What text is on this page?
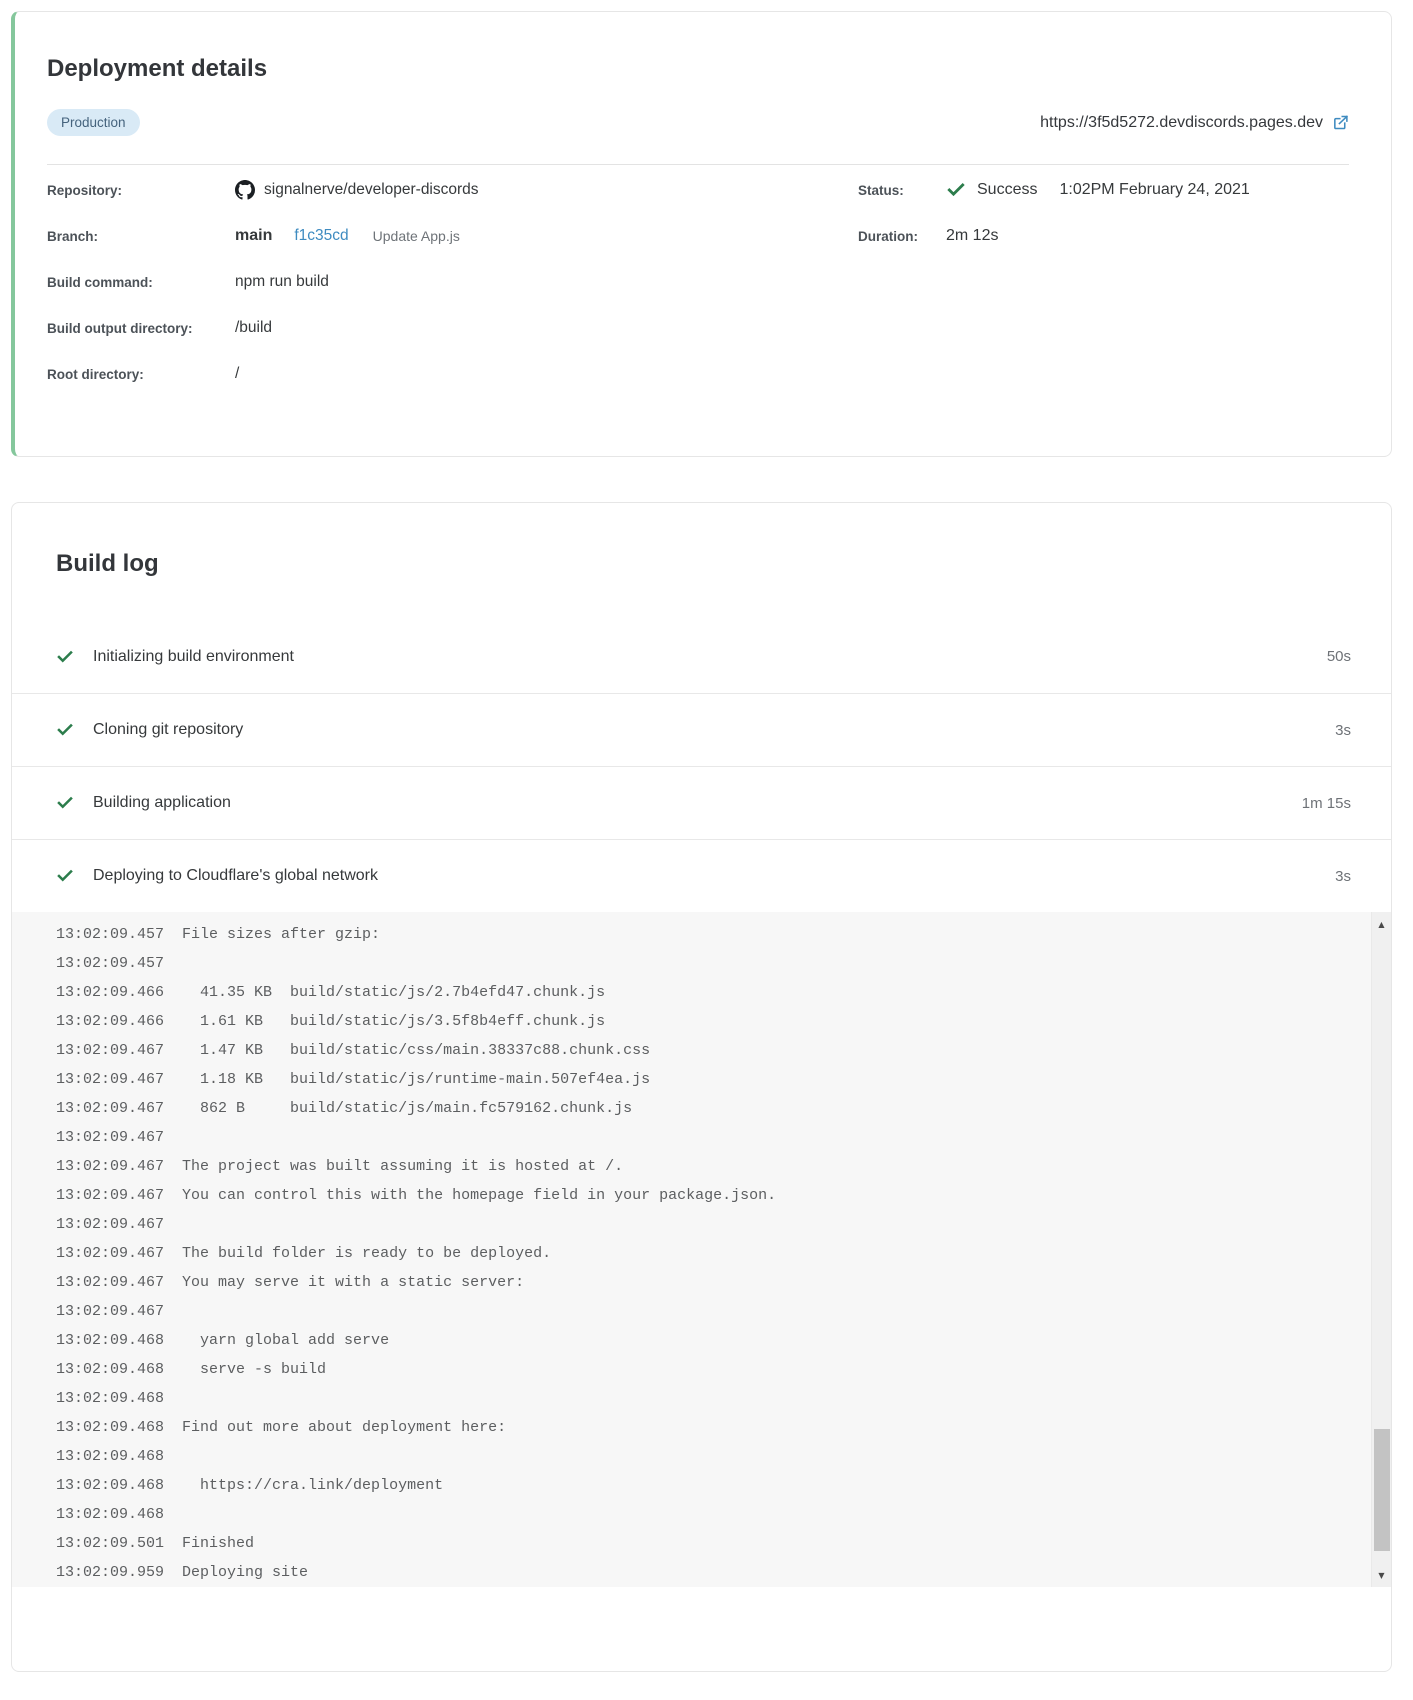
Deployment details
Production	https://3f5d5272.devdiscords.pages.dev
Repository:	signalnerve/developer-discords
Branch:	main f1c35cd Update App.js
Build command:	npm run build
Build output directory:	/build
Root directory:	/
Status:	Success 1:02PM February 24, 2021
Duration:	2m 12s
Build log
Initializing build environment	50s
Cloning git repository	3s
Building application	1m 15s
Deploying to Cloudflare's global network	3s
13:02:09.457 File sizes after gzip:
13:02:09.457
13:02:09.466  41.35 KB  build/static/js/2.7b4efd47.chunk.js
13:02:09.466  1.61 KB   build/static/js/3.5f8b4eff.chunk.js
13:02:09.467  1.47 KB   build/static/css/main.38337c88.chunk.css
13:02:09.467  1.18 KB   build/static/js/runtime-main.507ef4ea.js
13:02:09.467  862 B     build/static/js/main.fc579162.chunk.js
13:02:09.467
13:02:09.467 The project was built assuming it is hosted at /.
13:02:09.467 You can control this with the homepage field in your package.json.
13:02:09.467
13:02:09.467 The build folder is ready to be deployed.
13:02:09.467 You may serve it with a static server:
13:02:09.467
13:02:09.468  yarn global add serve
13:02:09.468  serve -s build
13:02:09.468
13:02:09.468 Find out more about deployment here:
13:02:09.468
13:02:09.468  https://cra.link/deployment
13:02:09.468
13:02:09.501 Finished
13:02:09.959 Deploying site
▲
▼
